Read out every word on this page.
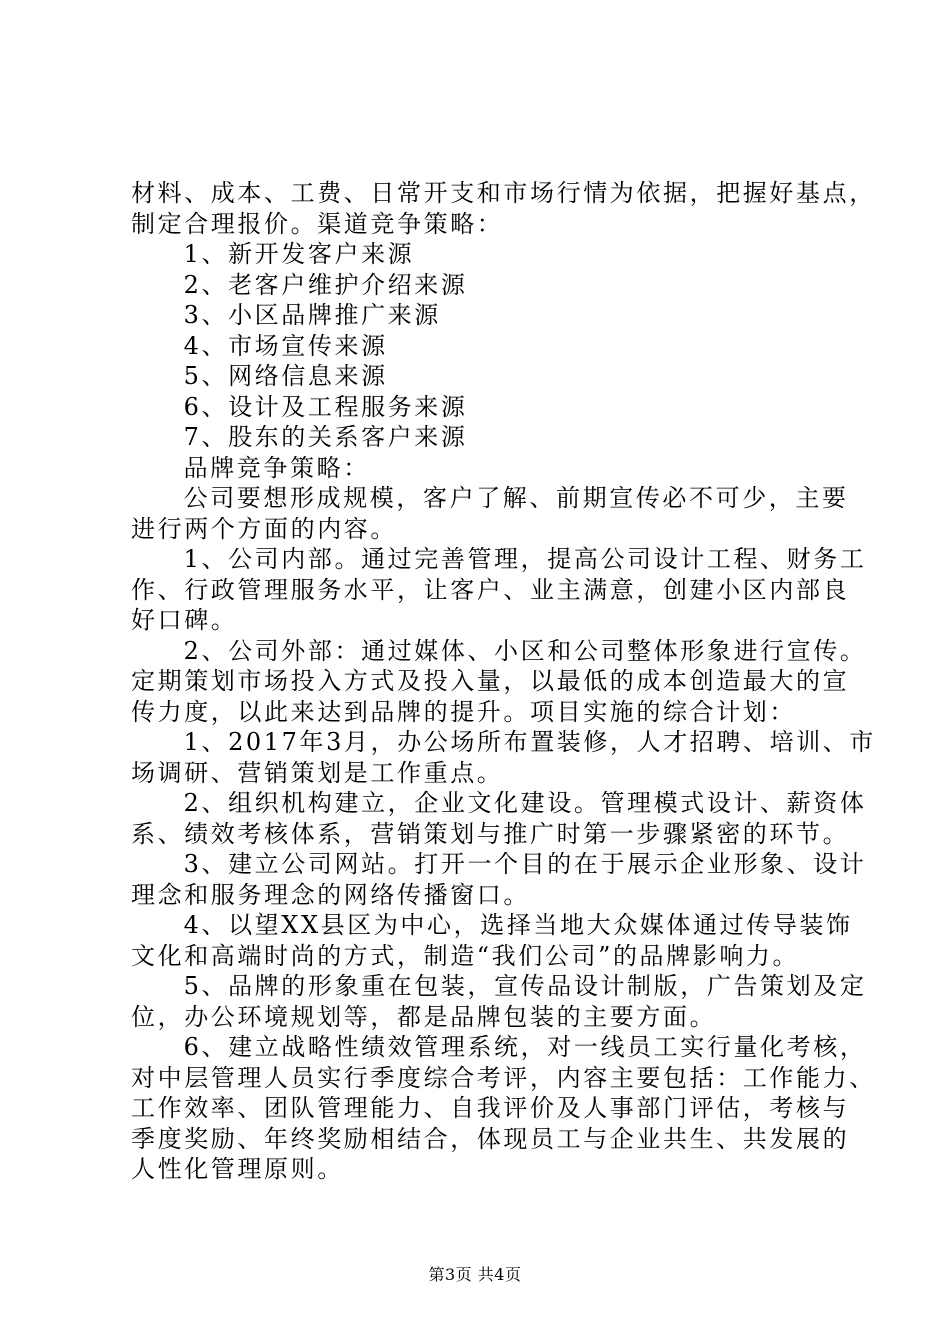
材料、成本、工费、日常开支和市场行情为依据，把握好基点，
制定合理报价。渠道竞争策略：
1、新开发客户来源
2、老客户维护介绍来源
3、小区品牌推广来源
4、市场宣传来源
5、网络信息来源
6、设计及工程服务来源
7、股东的关系客户来源
品牌竞争策略：
公司要想形成规模，客户了解、前期宣传必不可少，主要
进行两个方面的内容。
1、公司内部。通过完善管理，提高公司设计工程、财务工
作、行政管理服务水平，让客户、业主满意，创建小区内部良
好口碑。
2、公司外部：通过媒体、小区和公司整体形象进行宣传。
定期策划市场投入方式及投入量，以最低的成本创造最大的宣
传力度，以此来达到品牌的提升。项目实施的综合计划：
1、2017年3月，办公场所布置装修，人才招聘、培训、市
场调研、营销策划是工作重点。
2、组织机构建立，企业文化建设。管理模式设计、薪资体
系、绩效考核体系，营销策划与推广时第一步骤紧密的环节。
3、建立公司网站。打开一个目的在于展示企业形象、设计
理念和服务理念的网络传播窗口。
4、以望XX县区为中心，选择当地大众媒体通过传导装饰
文化和高端时尚的方式，制造“我们公司”的品牌影响力。
5、品牌的形象重在包装，宣传品设计制版，广告策划及定
位，办公环境规划等，都是品牌包装的主要方面。
6、建立战略性绩效管理系统，对一线员工实行量化考核，
对中层管理人员实行季度综合考评，内容主要包括：工作能力、
工作效率、团队管理能力、自我评价及人事部门评估，考核与
季度奖励、年终奖励相结合，体现员工与企业共生、共发展的
人性化管理原则。
第3页 共4页
